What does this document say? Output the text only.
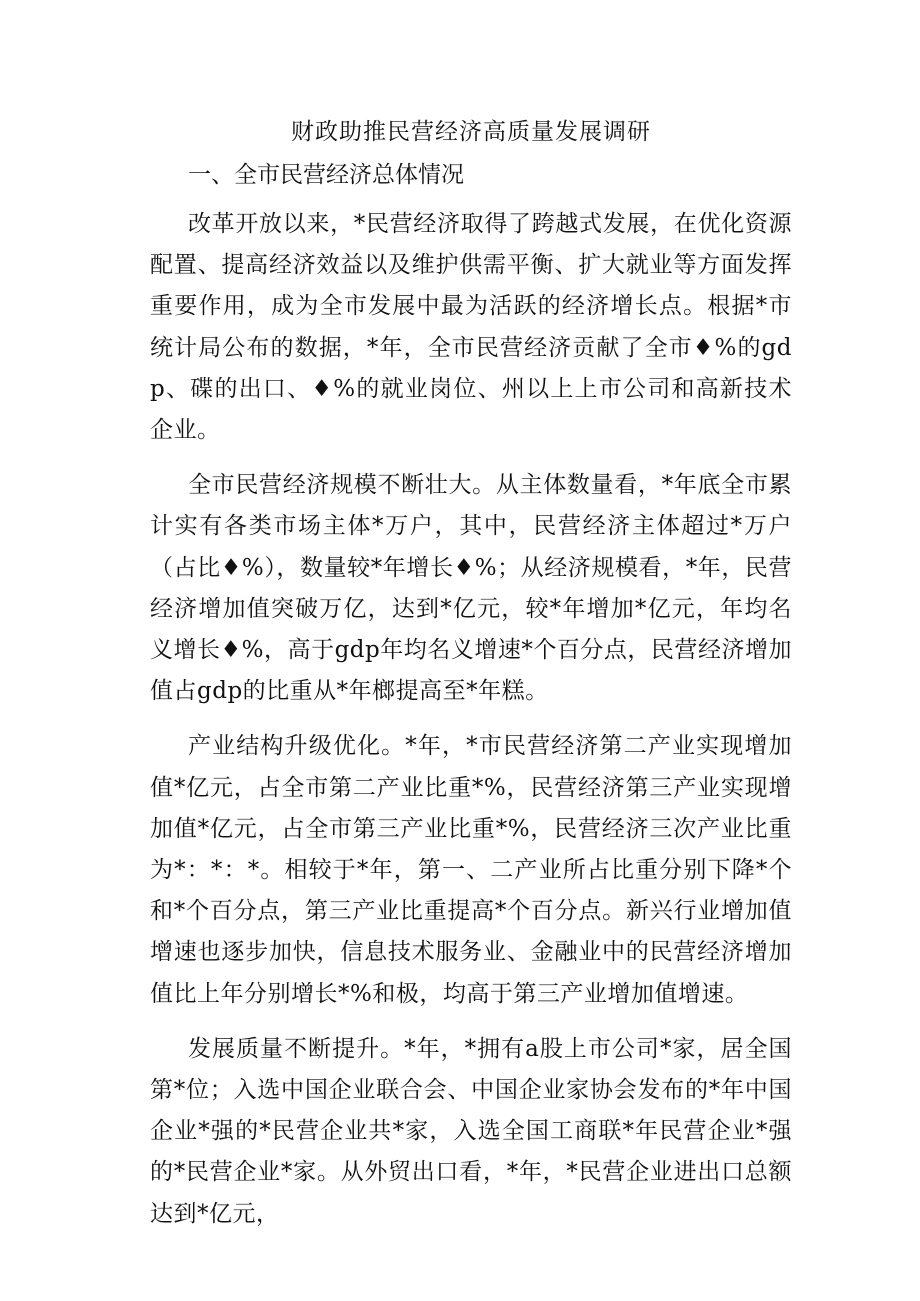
财政助推民营经济高质量发展调研

一、全市民营经济总体情况

改革开放以来，*民营经济取得了跨越式发展，在优化资源配置、提高经济效益以及维护供需平衡、扩大就业等方面发挥重要作用，成为全市发展中最为活跃的经济增长点。根据*市统计局公布的数据，*年，全市民营经济贡献了全市♦%的gdp、碟的出口、♦%的就业岗位、州以上上市公司和高新技术企业。

全市民营经济规模不断壮大。从主体数量看，*年底全市累计实有各类市场主体*万户，其中，民营经济主体超过*万户（占比♦%），数量较*年增长♦%；从经济规模看，*年，民营经济增加值突破万亿，达到*亿元，较*年增加*亿元，年均名义增长♦%，高于gdp年均名义增速*个百分点，民营经济增加值占gdp的比重从*年榔提高至*年糕。

产业结构升级优化。*年，*市民营经济第二产业实现增加值*亿元，占全市第二产业比重*%，民营经济第三产业实现增加值*亿元，占全市第三产业比重*%，民营经济三次产业比重为*：*：*。相较于*年，第一、二产业所占比重分别下降*个和*个百分点，第三产业比重提高*个百分点。新兴行业增加值增速也逐步加快，信息技术服务业、金融业中的民营经济增加值比上年分别增长*%和极，均高于第三产业增加值增速。

发展质量不断提升。*年，*拥有a股上市公司*家，居全国第*位；入选中国企业联合会、中国企业家协会发布的*年中国企业*强的*民营企业共*家，入选全国工商联*年民营企业*强的*民营企业*家。从外贸出口看，*年，*民营企业进出口总额达到*亿元，
